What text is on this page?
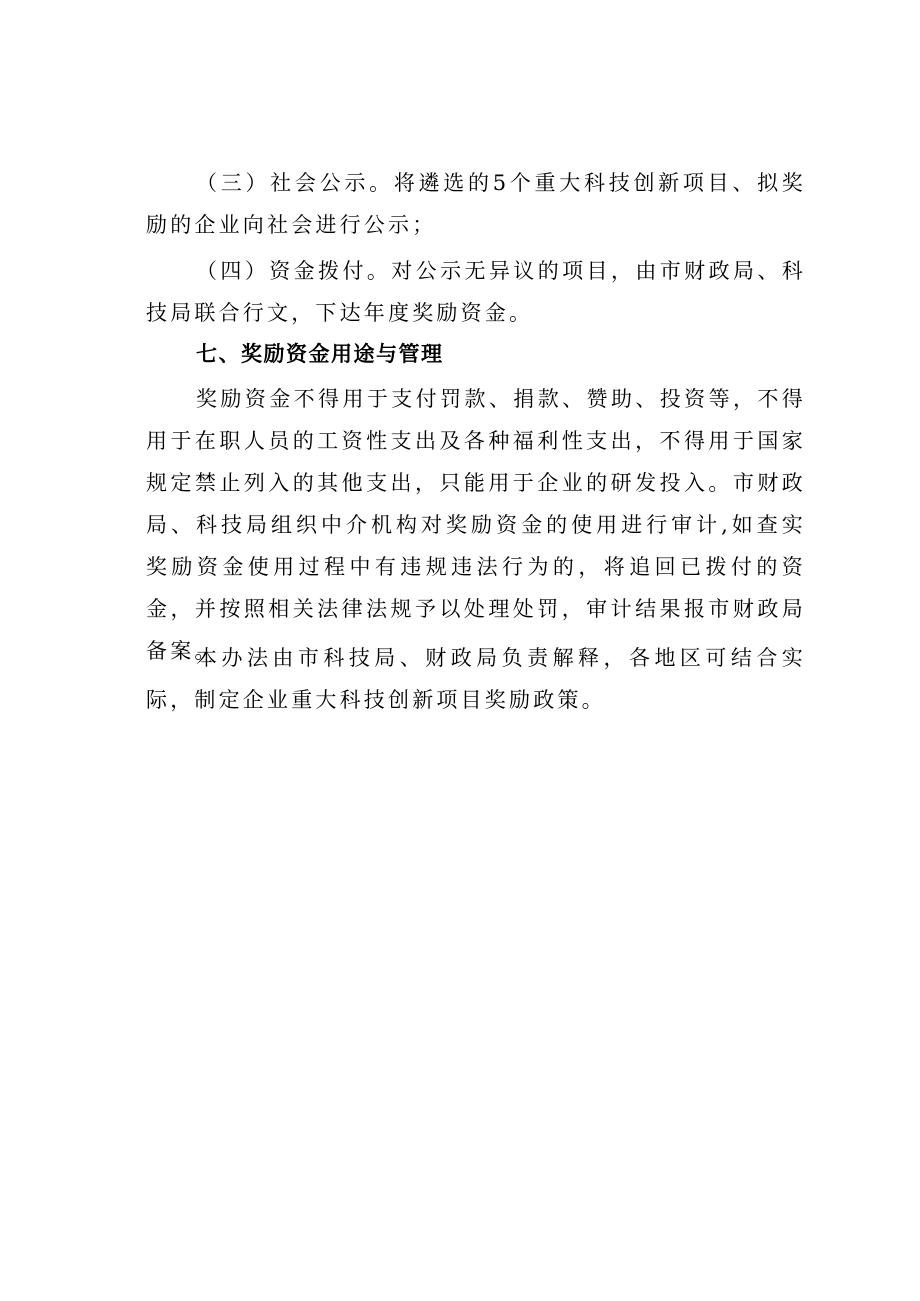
（三）社会公示。将遴选的5个重大科技创新项目、拟奖励的企业向社会进行公示；

（四）资金拨付。对公示无异议的项目，由市财政局、科技局联合行文，下达年度奖励资金。

七、奖励资金用途与管理

奖励资金不得用于支付罚款、捐款、赞助、投资等，不得用于在职人员的工资性支出及各种福利性支出，不得用于国家规定禁止列入的其他支出，只能用于企业的研发投入。市财政局、科技局组织中介机构对奖励资金的使用进行审计,如查实奖励资金使用过程中有违规违法行为的，将追回已拨付的资金，并按照相关法律法规予以处理处罚，审计结果报市财政局备案。

本办法由市科技局、财政局负责解释，各地区可结合实际，制定企业重大科技创新项目奖励政策。
